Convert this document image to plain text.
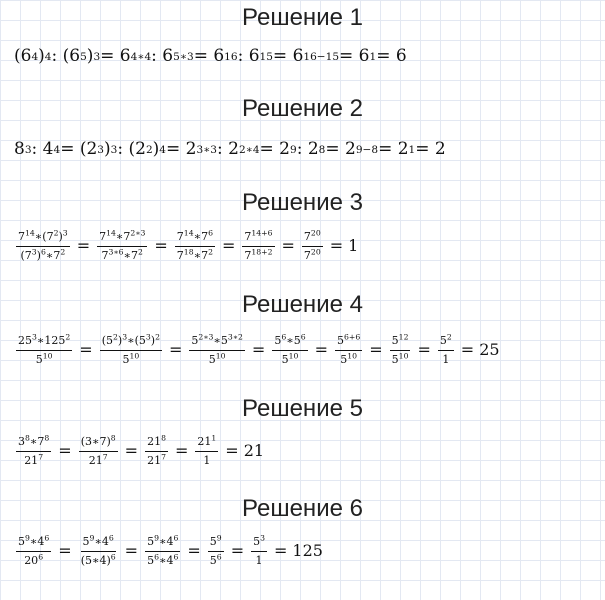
Решение 1
(6 4 ) 4 : (6 5 ) 3 = 6 4∗4 : 6 5∗3 = 6 16 : 6 15 = 6 16−15 = 6 1 = 6
Решение 2
8 3 : 4 4 = (2 3 ) 3 : (2 2 ) 4 = 2 3∗3 : 2 2∗4 = 2 9 : 2 8 = 2 9−8 = 2 1 = 2
Решение 3
$\frac{7^{14}∗(7^2)^3}{(7^3)^6∗7^2} = \frac{7^{14}∗7^{2∗3}}{7^{3∗6}∗7^2} = \frac{7^{14}∗7^6}{7^{18}∗7^2} = \frac{7^{14+6}}{7^{18+2}} = \frac{7^{20}}{7^{20}} = 1$
Решение 4
$\frac{25^3∗125^2}{5^{10}} = \frac{(5^2)^3∗(5^3)^2}{5^{10}} = \frac{5^{2∗3}∗5^{3∗2}}{5^{10}} = \frac{5^6∗5^6}{5^{10}} = \frac{5^{6+6}}{5^{10}} = \frac{5^{12}}{5^{10}} = \frac{5^2}{1} = 25$
Решение 5
$\frac{3^8∗7^8}{21^7} = \frac{(3∗7)^8}{21^7} = \frac{21^8}{21^7} = \frac{21^1}{1} = 21$
Решение 6
$\frac{5^9∗4^6}{20^6} = \frac{5^9∗4^6}{(5∗4)^6} = \frac{5^9∗4^6}{5^6∗4^6} = \frac{5^9}{5^6} = \frac{5^3}{1} = 125$
